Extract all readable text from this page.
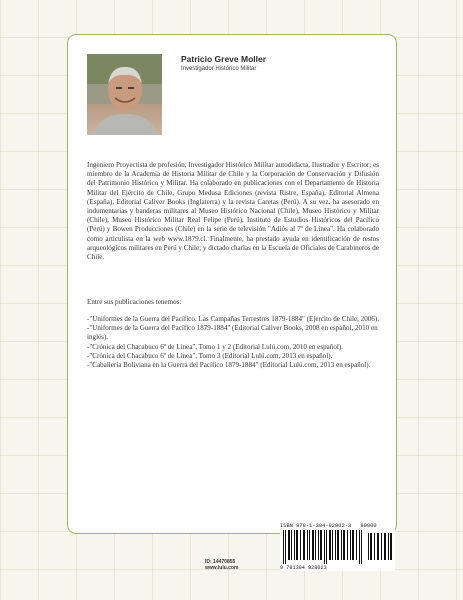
Patricio Greve Moller
Investigador Histórico Militar

Ingeniero Proyectista de profesión, Investigador Histórico Militar autodidacta, Ilustrador y Escritor; es miembro de la Academia de Historia Militar de Chile y la Corporación de Conservación y Difusión del Patrimonio Histórico y Militar. Ha colaborado en publicaciones con el Departamento de Historia Militar del Ejército de Chile, Grupo Medusa Ediciones (revista Ristre, España), Editorial Almena (España), Editorial Caliver Books (Inglaterra) y la revista Caretas (Perú). A su vez, ha asesorado en indumentarias y banderas militares al Museo Histórico Nacional (Chile), Museo Histórico y Militar (Chile), Museo Histórico Militar Real Felipe (Perú), Instituto de Estudios Históricos del Pacífico (Perú) y Bowen Producciones (Chile) en la serie de televisión "Adiós al 7º de Línea". Ha colaborado como articulista en la web www.1879.cl. Finalmente, ha prestado ayuda en identificación de restos arqueológicos militares en Perú y Chile; y dictado charlas en la Escuela de Oficiales de Carabineros de Chile.

Entre sus publicaciones tenemos:
-"Uniformes de la Guerra del Pacífico. Las Campañas Terrestres 1879-1884" (Ejercito de Chile, 2006).
-"Uniformes de la Guerra del Pacífico 1879-1884" (Editorial Caliver Books, 2008 en español, 2010 en inglés).
-"Crónica del Chacabuco 6º de Línea", Tomo 1 y 2 (Editorial Lulú.com, 2010 en español).
-"Crónica del Chacabuco 6º de Línea", Tomo 3 (Editorial Lulú.com, 2013 en español).
-"Caballería Boliviana en la Guerra del Pacífico 1879-1884" (Editorial Lulú.com, 2013 en español).
ID: 14470855
www.lulu.com
ISBN 978-1-304-92802-3 90000
9 781304 928023
